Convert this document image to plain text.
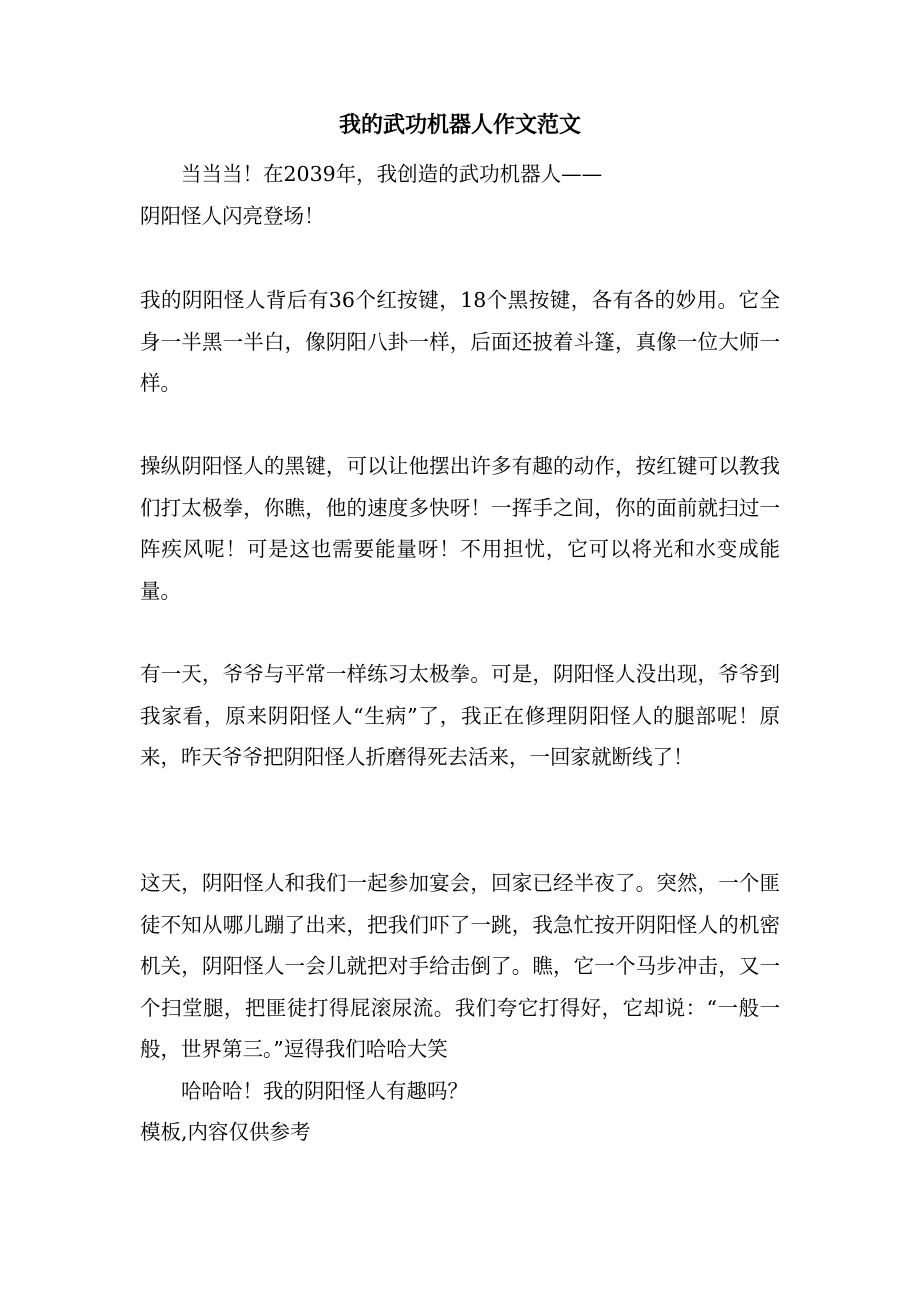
我的武功机器人作文范文

当当当！在2039年，我创造的武功机器人——

阴阳怪人闪亮登场！

我的阴阳怪人背后有36个红按键，18个黑按键，各有各的妙用。它全身一半黑一半白，像阴阳八卦一样，后面还披着斗篷，真像一位大师一样。

操纵阴阳怪人的黑键，可以让他摆出许多有趣的动作，按红键可以教我们打太极拳，你瞧，他的速度多快呀！一挥手之间，你的面前就扫过一阵疾风呢！可是这也需要能量呀！不用担忧，它可以将光和水变成能量。

有一天，爷爷与平常一样练习太极拳。可是，阴阳怪人没出现，爷爷到我家看，原来阴阳怪人“生病”了，我正在修理阴阳怪人的腿部呢！原来，昨天爷爷把阴阳怪人折磨得死去活来，一回家就断线了！

这天，阴阳怪人和我们一起参加宴会，回家已经半夜了。突然，一个匪徒不知从哪儿蹦了出来，把我们吓了一跳，我急忙按开阴阳怪人的机密机关，阴阳怪人一会儿就把对手给击倒了。瞧，它一个马步冲击，又一个扫堂腿，把匪徒打得屁滚尿流。我们夸它打得好，它却说：“一般一般，世界第三。”逗得我们哈哈大笑

哈哈哈！我的阴阳怪人有趣吗？

模板,内容仅供参考
